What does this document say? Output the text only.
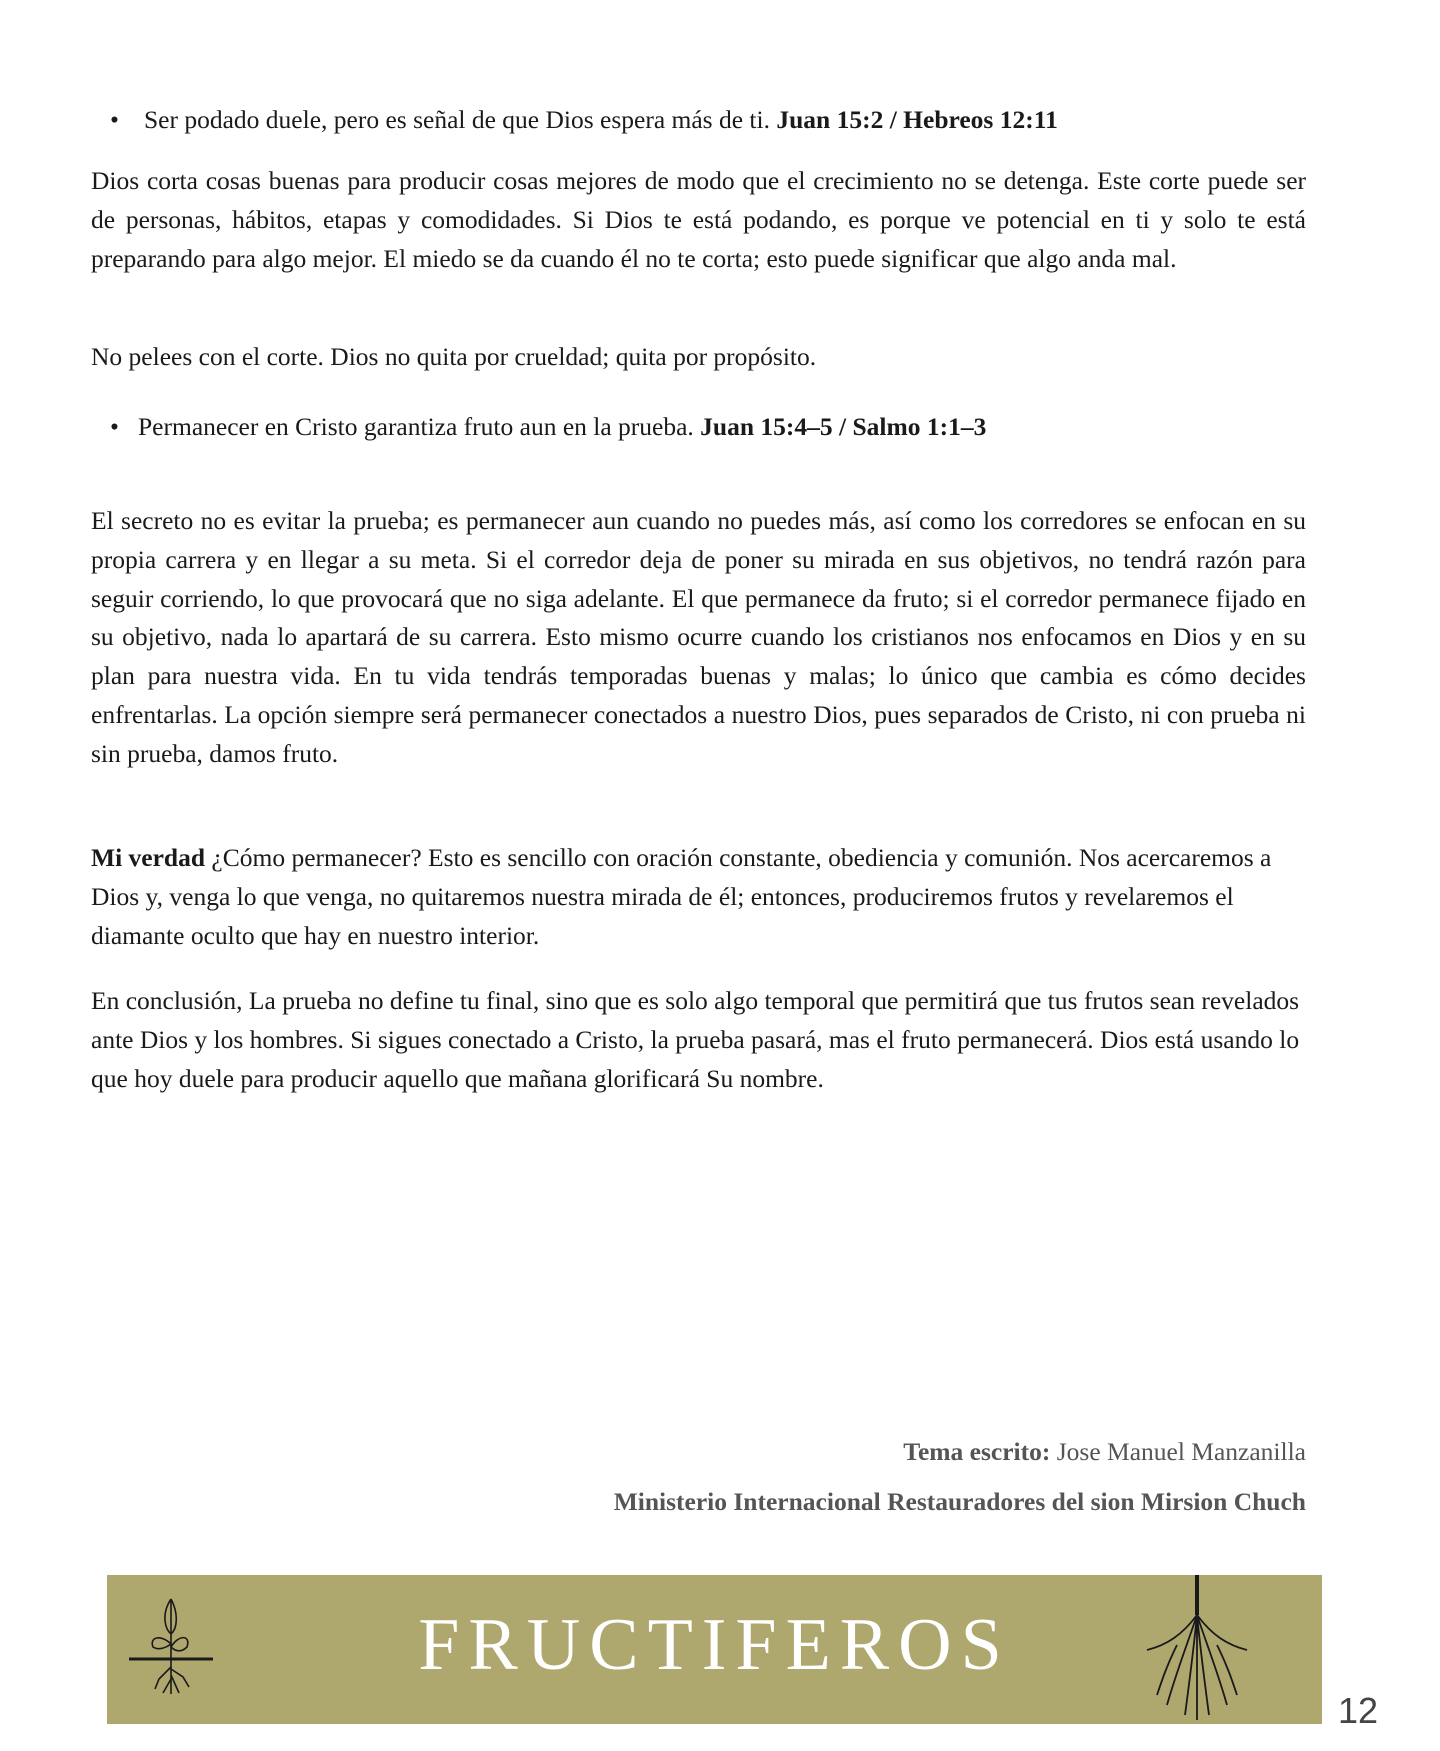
• Ser podado duele, pero es señal de que Dios espera más de ti. Juan 15:2 / Hebreos 12:11
Dios corta cosas buenas para producir cosas mejores de modo que el crecimiento no se detenga. Este corte puede ser de personas, hábitos, etapas y comodidades. Si Dios te está podando, es porque ve potencial en ti y solo te está preparando para algo mejor. El miedo se da cuando él no te corta; esto puede significar que algo anda mal.
No pelees con el corte. Dios no quita por crueldad; quita por propósito.
• Permanecer en Cristo garantiza fruto aun en la prueba. Juan 15:4–5 / Salmo 1:1–3
El secreto no es evitar la prueba; es permanecer aun cuando no puedes más, así como los corredores se enfocan en su propia carrera y en llegar a su meta. Si el corredor deja de poner su mirada en sus objetivos, no tendrá razón para seguir corriendo, lo que provocará que no siga adelante. El que permanece da fruto; si el corredor permanece fijado en su objetivo, nada lo apartará de su carrera. Esto mismo ocurre cuando los cristianos nos enfocamos en Dios y en su plan para nuestra vida. En tu vida tendrás temporadas buenas y malas; lo único que cambia es cómo decides enfrentarlas. La opción siempre será permanecer conectados a nuestro Dios, pues separados de Cristo, ni con prueba ni sin prueba, damos fruto.
Mi verdad ¿Cómo permanecer? Esto es sencillo con oración constante, obediencia y comunión. Nos acercaremos a Dios y, venga lo que venga, no quitaremos nuestra mirada de él; entonces, produciremos frutos y revelaremos el diamante oculto que hay en nuestro interior.
En conclusión, La prueba no define tu final, sino que es solo algo temporal que permitirá que tus frutos sean revelados ante Dios y los hombres. Si sigues conectado a Cristo, la prueba pasará, mas el fruto permanecerá. Dios está usando lo que hoy duele para producir aquello que mañana glorificará Su nombre.
Tema escrito: Jose Manuel Manzanilla
Ministerio Internacional Restauradores del sion Mirsion Chuch
FRUCTIFEROS
12
